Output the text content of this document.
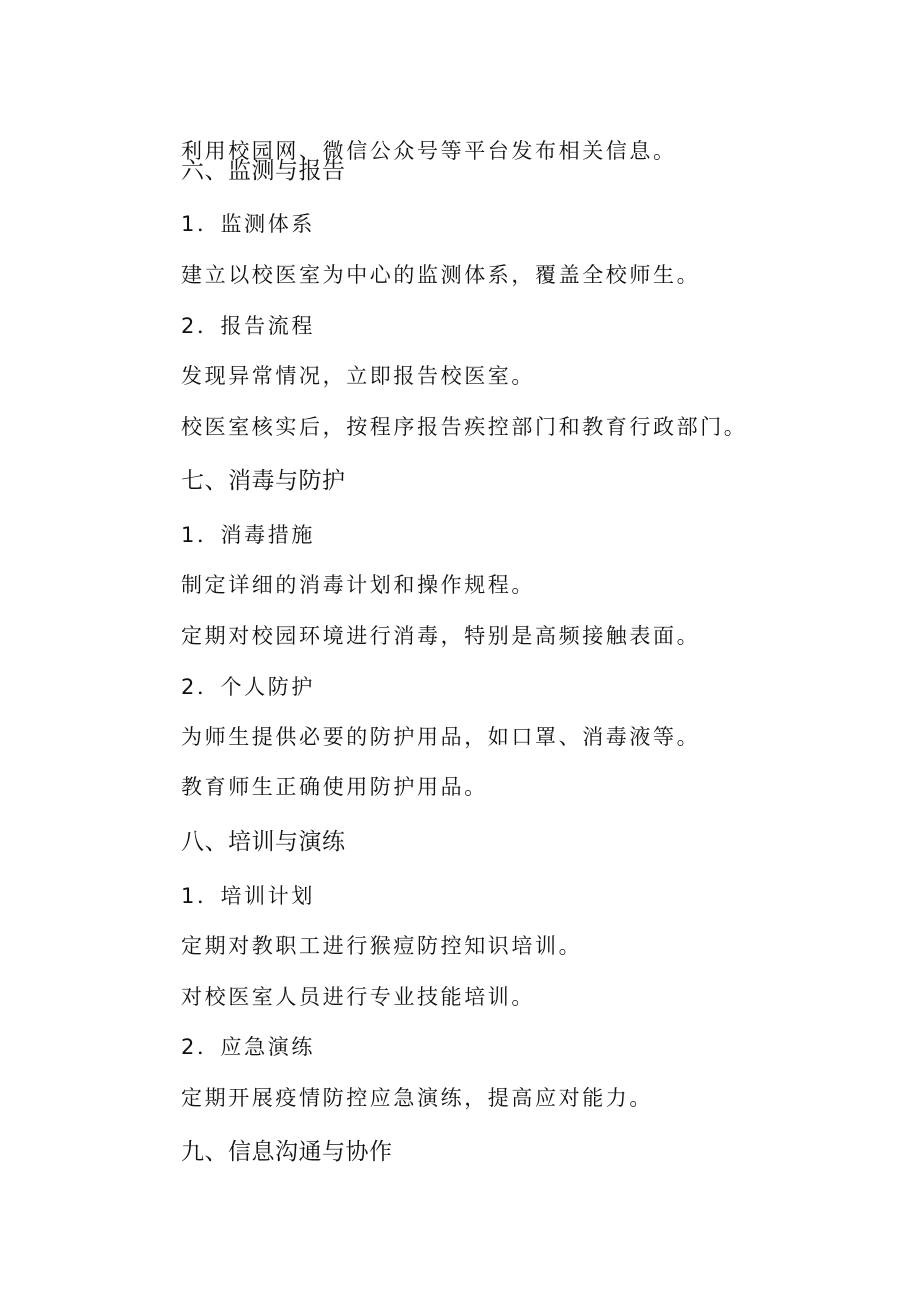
利用校园网、微信公众号等平台发布相关信息。

六、监测与报告

1．监测体系

建立以校医室为中心的监测体系，覆盖全校师生。

2．报告流程

发现异常情况，立即报告校医室。

校医室核实后，按程序报告疾控部门和教育行政部门。

七、消毒与防护

1．消毒措施

制定详细的消毒计划和操作规程。

定期对校园环境进行消毒，特别是高频接触表面。

2．个人防护

为师生提供必要的防护用品，如口罩、消毒液等。

教育师生正确使用防护用品。

八、培训与演练

1．培训计划

定期对教职工进行猴痘防控知识培训。

对校医室人员进行专业技能培训。

2．应急演练

定期开展疫情防控应急演练，提高应对能力。

九、信息沟通与协作
